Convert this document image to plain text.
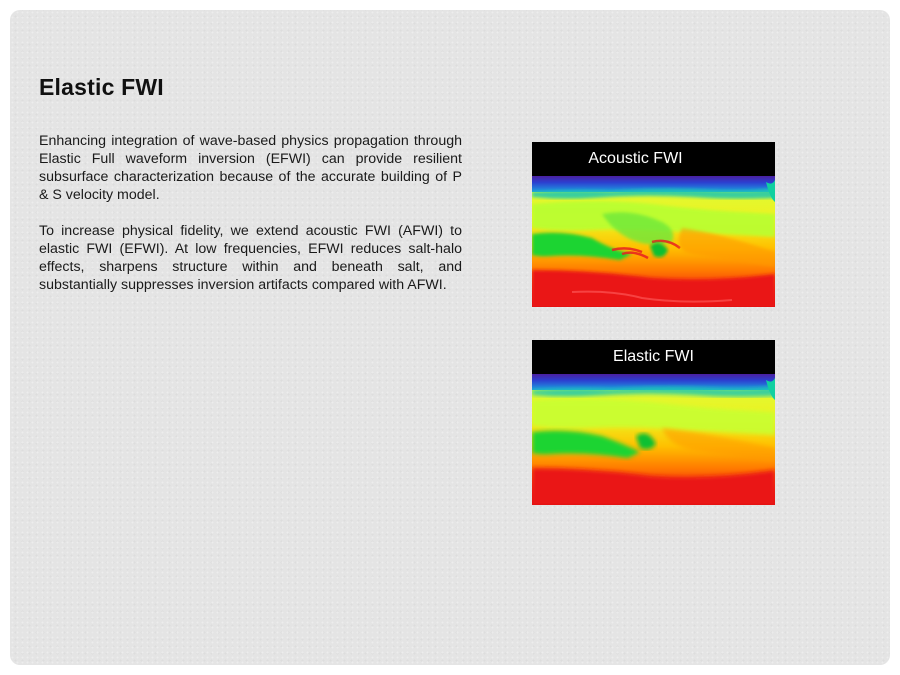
Elastic FWI

Enhancing integration of wave-based physics propagation through Elastic Full waveform inversion (EFWI) can provide resilient subsurface characterization because of the accurate building of P & S velocity model.

To increase physical fidelity, we extend acoustic FWI (AFWI) to elastic FWI (EFWI). At low frequencies, EFWI reduces salt-halo effects, sharpens structure within and beneath salt, and substantially suppresses inversion artifacts compared with AFWI.

Acoustic FWI
Elastic FWI
